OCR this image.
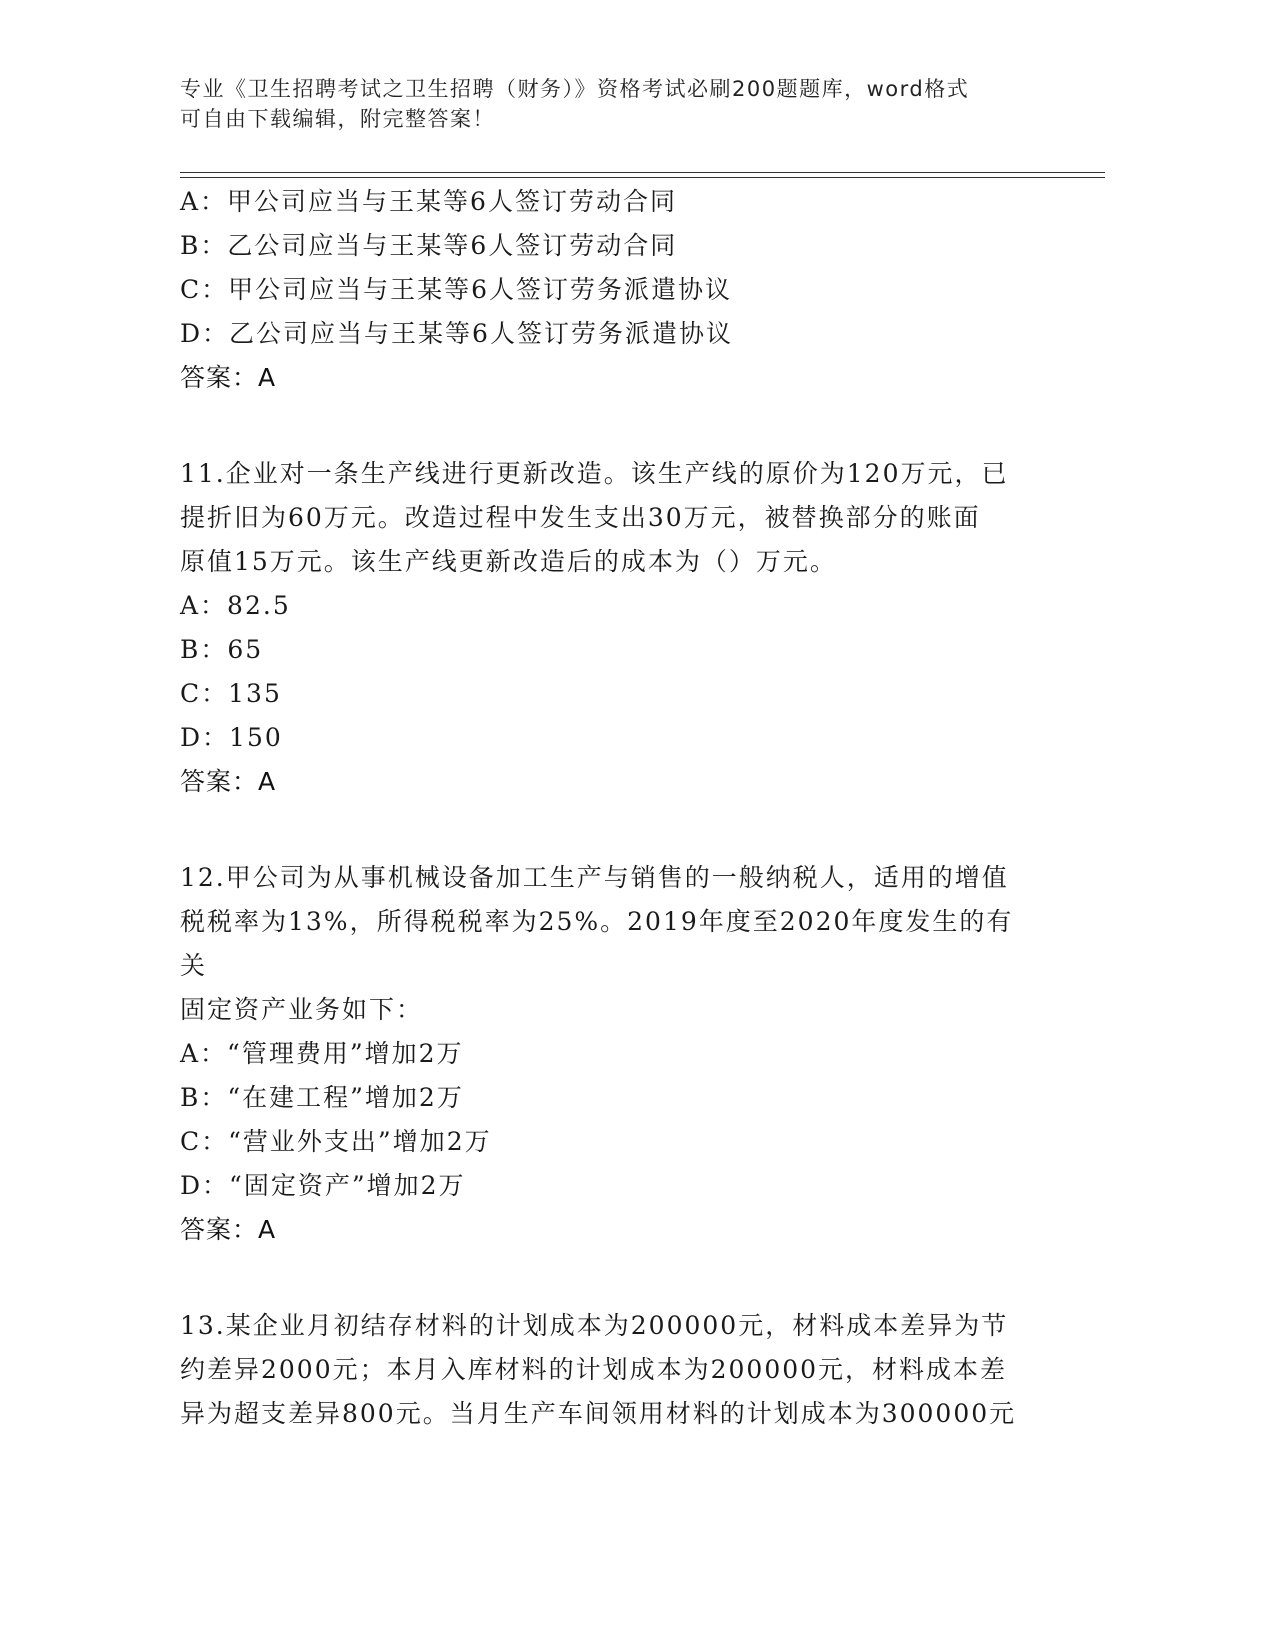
专业《卫生招聘考试之卫生招聘（财务）》资格考试必刷200题题库，word格式
可自由下载编辑，附完整答案！
A：甲公司应当与王某等6人签订劳动合同
B：乙公司应当与王某等6人签订劳动合同
C：甲公司应当与王某等6人签订劳务派遣协议
D：乙公司应当与王某等6人签订劳务派遣协议
答案：A
11.企业对一条生产线进行更新改造。该生产线的原价为120万元，已
提折旧为60万元。改造过程中发生支出30万元，被替换部分的账面
原值15万元。该生产线更新改造后的成本为（）万元。
A：82.5
B：65
C：135
D：150
答案：A
12.甲公司为从事机械设备加工生产与销售的一般纳税人，适用的增值
税税率为13%，所得税税率为25%。2019年度至2020年度发生的有关
固定资产业务如下：
A：“管理费用”增加2万
B：“在建工程”增加2万
C：“营业外支出”增加2万
D：“固定资产”增加2万
答案：A
13.某企业月初结存材料的计划成本为200000元，材料成本差异为节
约差异2000元；本月入库材料的计划成本为200000元，材料成本差
异为超支差异800元。当月生产车间领用材料的计划成本为300000元
